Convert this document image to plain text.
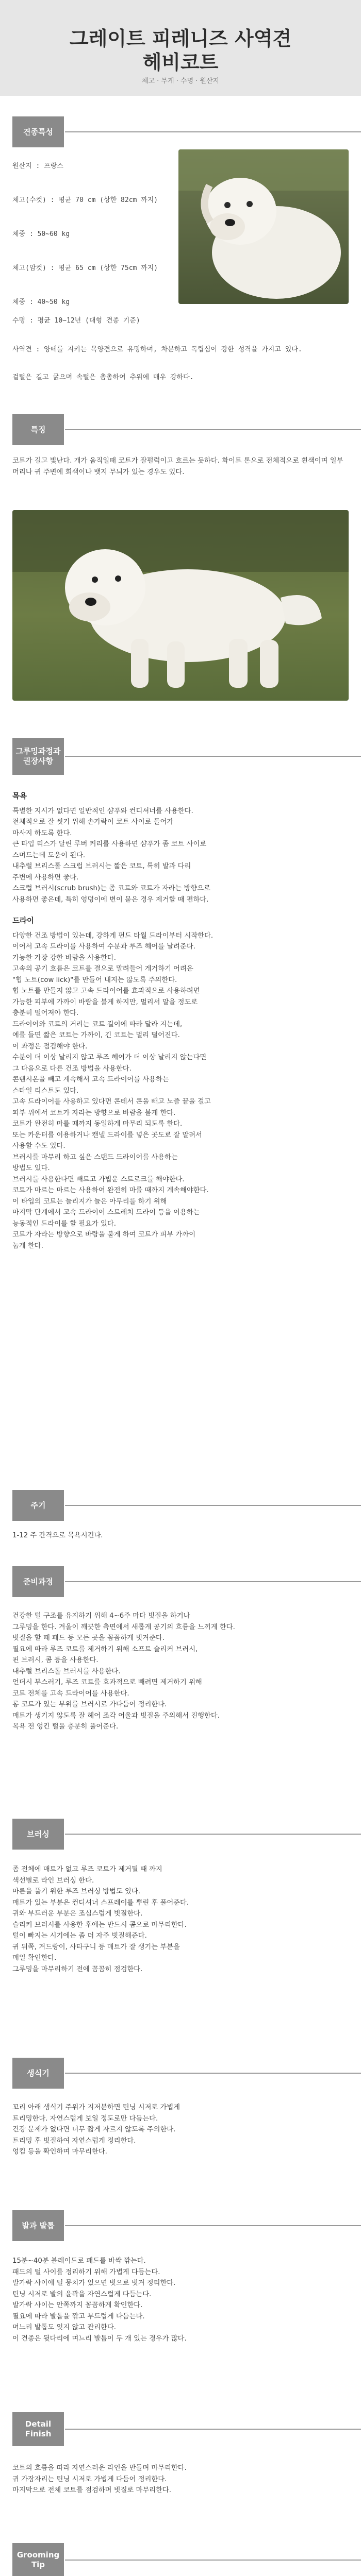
그레이트 피레니즈 사역견
헤비코트
체고 · 무게 · 수명 · 원산지
견종특성
원산지 : 프랑스
체고(수컷) : 평균 70 cm (상한 82cm 까지)
체중 : 50~60 kg
체고(암컷) : 평균 65 cm (상한 75cm 까지)
체중 : 40~50 kg
수명 : 평균 10~12년 (대형 견종 기준)
사역견 : 양떼를 지키는 목양견으로 유명하며, 차분하고 독립심이 강한 성격을 가지고 있다.
겉털은 길고 굵으며 속털은 촘촘하여 추위에 매우 강하다.
특징

코트가 길고 빛난다. 개가 움직일때 코트가 잘펄럭이고 흐르는 듯하다. 화이트 톤으로 전체적으로 흰색이며 일부 머리나 귀 주변에 회색이나 뱃지 무늬가 있는 경우도 있다.

그루밍과정과 권장사항

목욕

특별한 지시가 없다면 일반적인 샴푸와 컨디셔너를 사용한다.

전체적으로 잘 씻기 위해 손가락이 코트 사이로 들어가

마사지 하도록 한다.

큰 타입 리스가 달린 루버 커리를 사용하면 샴푸가 좀 코트 사이로

스며드는데 도움이 된다.

내추럴 브리스톨 스크럽 브러시는 짧은 코트, 특히 발과 다리

주변에 사용하면 좋다.

스크럽 브러시(scrub brush)는 좀 코트와 코트가 자라는 방향으로

사용하면 좋은데, 특히 엉덩이에 변이 묻은 경우 제거할 때 편하다.

드라이

다양한 건조 방법이 있는데, 강하게 펀드 타월 드라이부터 시작한다.

이어서 고속 드라이를 사용하여 수분과 루즈 헤어를 날려준다.

가능한 가장 강한 바람을 사용한다.

고속의 공기 흐름은 코트를 결으로 말려들어 게거하기 어려운

"힙 노트(cow lick)"를 만들어 내지는 않도록 주의한다.

힙 노트를 만들지 않고 고속 드라이어를 효과적으로 사용하려면

가능한 피부에 가까이 바람을 불게 하지만, 멀리서 말을 정도로

충분히 떨어져야 한다.

드라이어와 코트의 거리는 코트 길이에 따라 달라 지는데,

예를 들면 짧은 코트는 가까이, 긴 코트는 멀리 떨어진다.

이 과정은 점검해야 한다.

수분이 더 이상 날리지 않고 루즈 헤어가 더 이상 날리지 않는다면

그 다음으로 다른 건조 방법을 사용한다.

콘탠시온을 빼고 계속해서 고속 드라이어를 사용하는

스타일 리스트도 있다.

고속 드라이어를 사용하고 있다면 콘테서 콘을 빼고 노즐 끝을 걸고

피부 위에서 코트가 자라는 방향으로 바람을 불게 한다.

코트가 완전히 마를 때까지 동일하게 마무리 되도록 한다.

또는 카운터를 이용하거나 캔넬 드라이를 넣은 곳도로 잘 말려서

사용할 수도 있다.

브러시를 마무리 하고 싶은 스탠드 드라이어를 사용하는

방법도 있다.

브러시를 사용한다면 빼트고 가볍운 스트로크를 해야한다.

코트가 마르는 마르는 사용하여 완전히 마를 때까지 계속해야한다.

이 타입의 코트는 늘리지가 늘은 아무리를 하기 위해

마지막 단계에서 고속 드라이어 스트레치 드라이 등을 이용하는

능동적인 드라이를 할 필요가 있다.

코트가 자라는 방향으로 바람을 불게 하여 코트가 피부 가까이

눕게 한다.

주기

1-12 주 간격으로 목욕시킨다.

준비과정

건강한 털 구조를 유지하기 위해 4~6주 마다 빗질을 하거나

그루밍을 한다. 겨울이 깨끗한 측면에서 새롭게 공기의 흐름을 느끼게 한다.

빗질을 할 때 패드 등 모든 곳을 꼼꼼하게 빗겨준다.

필요에 따라 루즈 코트를 제거하기 위해 소프트 슬리커 브러시,

핀 브러시, 콤 등을 사용한다.

내추럴 브리스톨 브러시를 사용한다.

언더시 부스러기, 루즈 코트를 효과적으로 빼려면 제거하기 위해

코트 전체를 고속 드라이어를 사용한다.

롱 코트가 있는 부위를 브러시로 가다듬어 정리한다.

매트가 생기지 않도록 잘 헤어 조각 어울과 빗질을 주의해서 진행한다.

목욕 전 엉킨 털을 충분히 풀어준다.

브러싱

좀 전체에 매트가 없고 루즈 코트가 제거될 때 까지

색선별로 라인 브러싱 한다.

마른을 풀기 위한 루즈 브러싱 방법도 있다.

매트가 있는 부분은 컨디셔너 스프레이를 뿌린 후 풀어준다.

귀와 부드러운 부분은 조심스럽게 빗질한다.

슬리커 브러시를 사용한 후에는 반드시 콤으로 마무리한다.

털이 빠지는 시기에는 좀 더 자주 빗질해준다.

귀 뒤쪽, 겨드랑이, 사타구니 등 매트가 잘 생기는 부분을

매일 확인한다.

그루밍을 마무리하기 전에 꼼꼼히 점검한다.

생식기

꼬리 아래 생식기 주위가 지저분하면 틴닝 시저로 가볍게

트리밍한다. 자연스럽게 보일 정도로만 다듬는다.

건강 문제가 없다면 너무 짧게 자르지 않도록 주의한다.

트리밍 후 빗질하여 자연스럽게 정리한다.

엉킴 등을 확인하며 마무리한다.

발과 발톱

15분~40분 블레이드로 패드를 바싹 깎는다.

패드의 털 사이를 정리하기 위해 가볍게 다듬는다.

발가락 사이에 털 뭉치가 있으면 빗으로 빗겨 정리한다.

틴닝 시저로 발의 윤곽을 자연스럽게 다듬는다.

발가락 사이는 안쪽까지 꼼꼼하게 확인한다.

필요에 따라 발톱을 깎고 부드럽게 다듬는다.

며느리 발톱도 잊지 않고 관리한다.

이 견종은 뒷다리에 며느리 발톱이 두 개 있는 경우가 많다.

Detail Finish

코트의 흐름을 따라 자연스러운 라인을 만들며 마무리한다.

귀 가장자리는 틴닝 시저로 가볍게 다듬어 정리한다.

마지막으로 전체 코트를 점검하며 빗질로 마무리한다.

Grooming Tip
